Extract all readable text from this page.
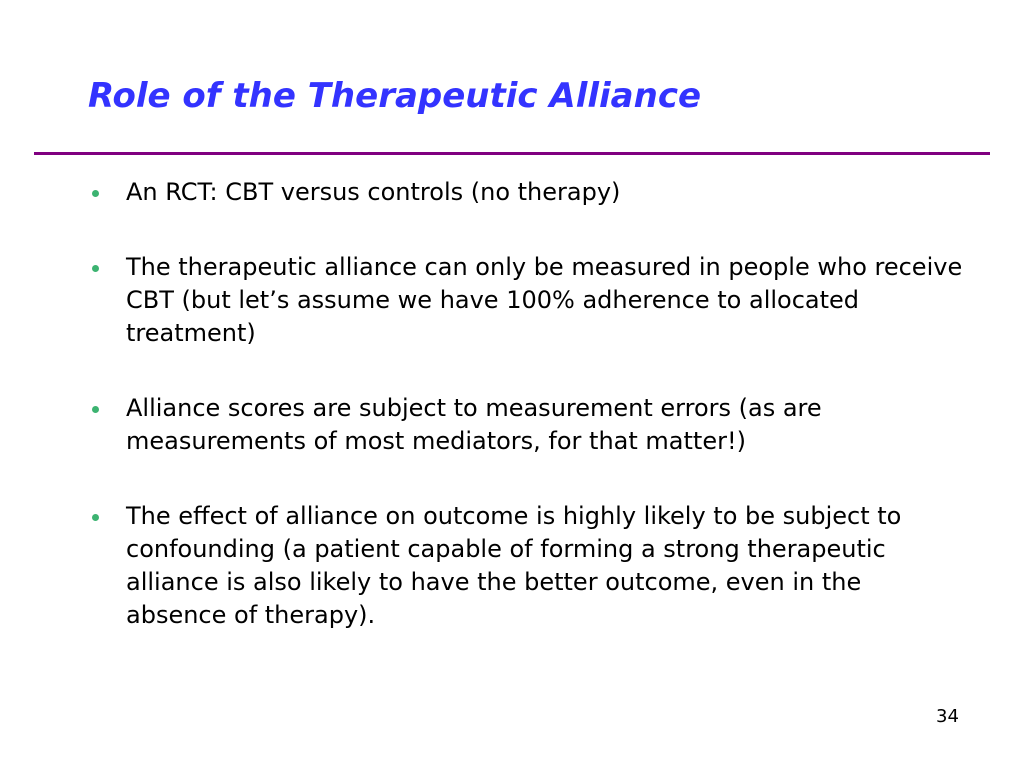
Role of the Therapeutic Alliance
An RCT: CBT versus controls (no therapy)
The therapeutic alliance can only be measured in people who receive CBT (but let’s assume we have 100% adherence to allocated treatment)
Alliance scores are subject to measurement errors (as are measurements of most mediators, for that matter!)
The effect of alliance on outcome is highly likely to be subject to confounding (a patient capable of forming a strong therapeutic alliance is also likely to have the better outcome, even in the absence of therapy).
34
